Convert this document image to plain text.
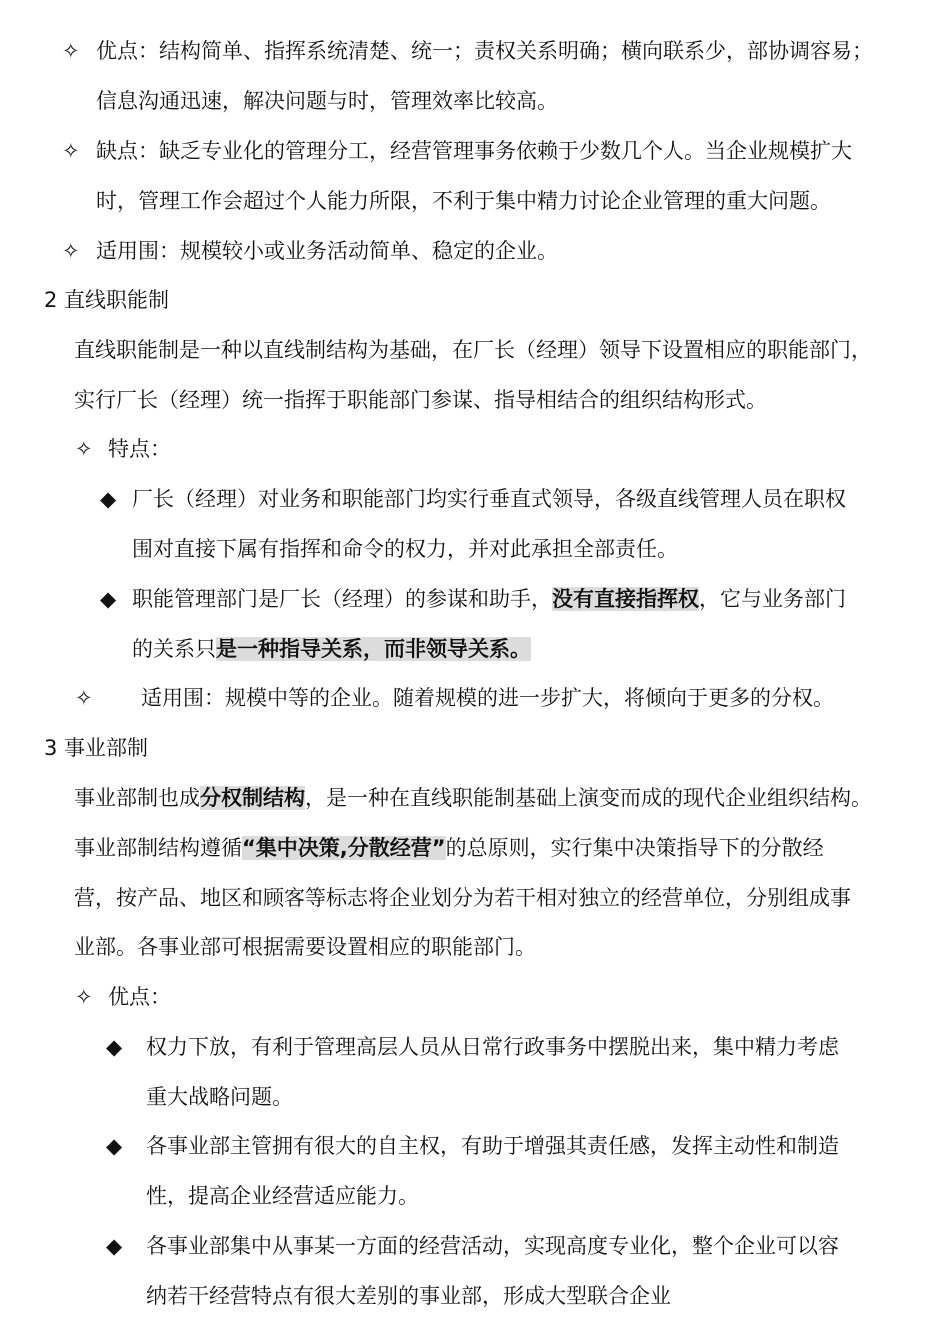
✧ 优点：结构简单、指挥系统清楚、统一；责权关系明确；横向联系少，部协调容易；
信息沟通迅速，解决问题与时，管理效率比较高。
✧ 缺点：缺乏专业化的管理分工，经营管理事务依赖于少数几个人。当企业规模扩大
时，管理工作会超过个人能力所限，不利于集中精力讨论企业管理的重大问题。
✧ 适用围：规模较小或业务活动简单、稳定的企业。
2 直线职能制
直线职能制是一种以直线制结构为基础，在厂长（经理）领导下设置相应的职能部门，
实行厂长（经理）统一指挥于职能部门参谋、指导相结合的组织结构形式。
✧ 特点：
◆ 厂长（经理）对业务和职能部门均实行垂直式领导，各级直线管理人员在职权
围对直接下属有指挥和命令的权力，并对此承担全部责任。
◆ 职能管理部门是厂长（经理）的参谋和助手，没有直接指挥权，它与业务部门
的关系只是一种指导关系，而非领导关系。
✧ 适用围：规模中等的企业。随着规模的进一步扩大，将倾向于更多的分权。
3 事业部制
事业部制也成分权制结构，是一种在直线职能制基础上演变而成的现代企业组织结构。
事业部制结构遵循“集中决策,分散经营”的总原则，实行集中决策指导下的分散经
营，按产品、地区和顾客等标志将企业划分为若干相对独立的经营单位，分别组成事
业部。各事业部可根据需要设置相应的职能部门。
✧ 优点：
◆ 权力下放，有利于管理高层人员从日常行政事务中摆脱出来，集中精力考虑
重大战略问题。
◆ 各事业部主管拥有很大的自主权，有助于增强其责任感，发挥主动性和制造
性，提高企业经营适应能力。
◆ 各事业部集中从事某一方面的经营活动，实现高度专业化，整个企业可以容
纳若干经营特点有很大差别的事业部，形成大型联合企业
